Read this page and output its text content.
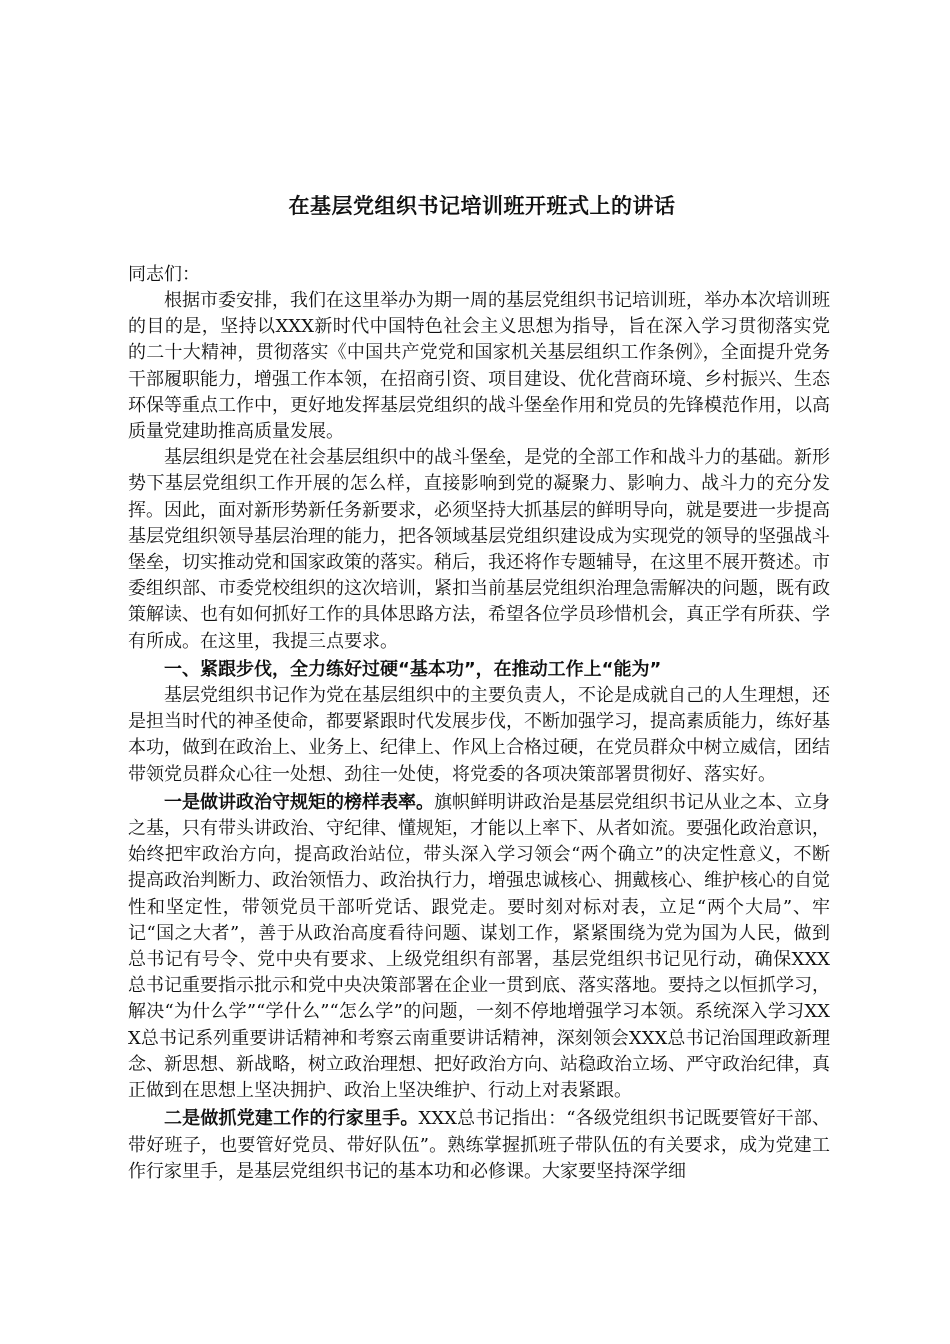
在基层党组织书记培训班开班式上的讲话

同志们：

根据市委安排，我们在这里举办为期一周的基层党组织书记培训班，举办本次培训班的目的是，坚持以XXX新时代中国特色社会主义思想为指导，旨在深入学习贯彻落实党的二十大精神，贯彻落实《中国共产党党和国家机关基层组织工作条例》，全面提升党务干部履职能力，增强工作本领，在招商引资、项目建设、优化营商环境、乡村振兴、生态环保等重点工作中，更好地发挥基层党组织的战斗堡垒作用和党员的先锋模范作用，以高质量党建助推高质量发展。

基层组织是党在社会基层组织中的战斗堡垒，是党的全部工作和战斗力的基础。新形势下基层党组织工作开展的怎么样，直接影响到党的凝聚力、影响力、战斗力的充分发挥。因此，面对新形势新任务新要求，必须坚持大抓基层的鲜明导向，就是要进一步提高基层党组织领导基层治理的能力，把各领域基层党组织建设成为实现党的领导的坚强战斗堡垒，切实推动党和国家政策的落实。稍后，我还将作专题辅导，在这里不展开赘述。市委组织部、市委党校组织的这次培训，紧扣当前基层党组织治理急需解决的问题，既有政策解读、也有如何抓好工作的具体思路方法，希望各位学员珍惜机会，真正学有所获、学有所成。在这里，我提三点要求。

一、紧跟步伐，全力练好过硬“基本功”，在推动工作上“能为”

基层党组织书记作为党在基层组织中的主要负责人，不论是成就自己的人生理想，还是担当时代的神圣使命，都要紧跟时代发展步伐，不断加强学习，提高素质能力，练好基本功，做到在政治上、业务上、纪律上、作风上合格过硬，在党员群众中树立威信，团结带领党员群众心往一处想、劲往一处使，将党委的各项决策部署贯彻好、落实好。

一是做讲政治守规矩的榜样表率。旗帜鲜明讲政治是基层党组织书记从业之本、立身之基，只有带头讲政治、守纪律、懂规矩，才能以上率下、从者如流。要强化政治意识，始终把牢政治方向，提高政治站位，带头深入学习领会“两个确立”的决定性意义，不断提高政治判断力、政治领悟力、政治执行力，增强忠诚核心、拥戴核心、维护核心的自觉性和坚定性，带领党员干部听党话、跟党走。要时刻对标对表，立足“两个大局”、牢记“国之大者”，善于从政治高度看待问题、谋划工作，紧紧围绕为党为国为人民，做到总书记有号令、党中央有要求、上级党组织有部署，基层党组织书记见行动，确保XXX总书记重要指示批示和党中央决策部署在企业一贯到底、落实落地。要持之以恒抓学习，解决“为什么学”“学什么”“怎么学”的问题，一刻不停地增强学习本领。系统深入学习XXX总书记系列重要讲话精神和考察云南重要讲话精神，深刻领会XXX总书记治国理政新理念、新思想、新战略，树立政治理想、把好政治方向、站稳政治立场、严守政治纪律，真正做到在思想上坚决拥护、政治上坚决维护、行动上对表紧跟。

二是做抓党建工作的行家里手。XXX总书记指出：“各级党组织书记既要管好干部、带好班子，也要管好党员、带好队伍”。熟练掌握抓班子带队伍的有关要求，成为党建工作行家里手，是基层党组织书记的基本功和必修课。大家要坚持深学细
